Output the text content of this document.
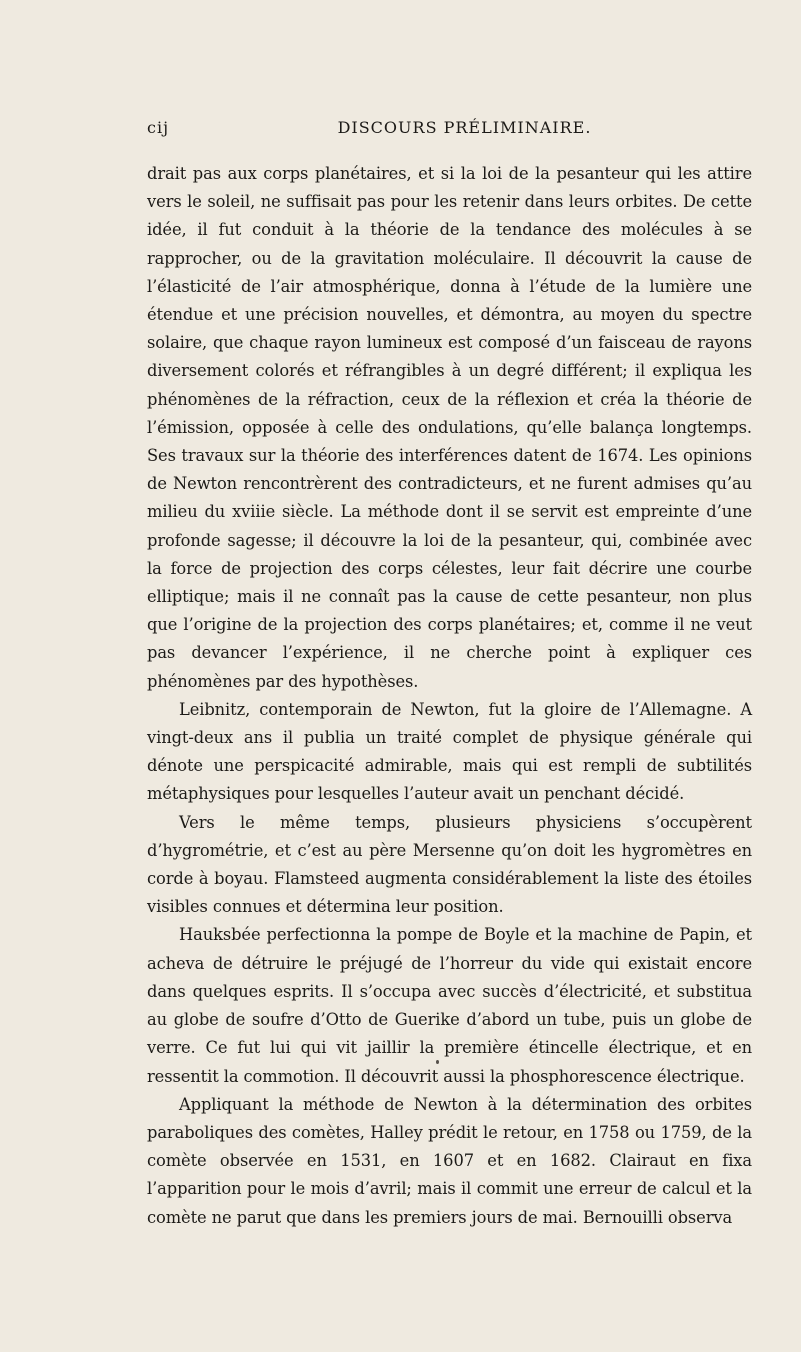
cij	DISCOURS PRÉLIMINAIRE.

drait pas aux corps planétaires, et si la loi de la pesanteur qui les attire vers le soleil, ne suffisait pas pour les retenir dans leurs orbites. De cette idée, il fut conduit à la théorie de la tendance des molécules à se rapprocher, ou de la gravitation moléculaire. Il découvrit la cause de l’élasticité de l’air atmosphérique, donna à l’étude de la lumière une étendue et une précision nouvelles, et démontra, au moyen du spectre solaire, que chaque rayon lumineux est composé d’un faisceau de rayons diversement colorés et réfrangibles à un degré différent; il expliqua les phénomènes de la réfraction, ceux de la réflexion et créa la théorie de l’émission, opposée à celle des ondulations, qu’elle balança longtemps. Ses travaux sur la théorie des interférences datent de 1674. Les opinions de Newton rencontrèrent des contradicteurs, et ne furent admises qu’au milieu du xviiie siècle. La méthode dont il se servit est empreinte d’une profonde sagesse; il découvre la loi de la pesanteur, qui, combinée avec la force de projection des corps célestes, leur fait décrire une courbe elliptique; mais il ne connaît pas la cause de cette pesanteur, non plus que l’origine de la projection des corps planétaires; et, comme il ne veut pas devancer l’expérience, il ne cherche point à expliquer ces phénomènes par des hypothèses.

Leibnitz, contemporain de Newton, fut la gloire de l’Allemagne. A vingt-deux ans il publia un traité complet de physique générale qui dénote une perspicacité admirable, mais qui est rempli de subtilités métaphysiques pour lesquelles l’auteur avait un penchant décidé.

Vers le même temps, plusieurs physiciens s’occupèrent d’hygrométrie, et c’est au père Mersenne qu’on doit les hygromètres en corde à boyau. Flamsteed augmenta considérablement la liste des étoiles visibles connues et détermina leur position.

Hauksbée perfectionna la pompe de Boyle et la machine de Papin, et acheva de détruire le préjugé de l’horreur du vide qui existait encore dans quelques esprits. Il s’occupa avec succès d’électricité, et substitua au globe de soufre d’Otto de Guerike d’abord un tube, puis un globe de verre. Ce fut lui qui vit jaillir la première étincelle électrique, et en ressentit la commotion. Il découvrit aussi la phosphorescence électrique.

Appliquant la méthode de Newton à la détermination des orbites paraboliques des comètes, Halley prédit le retour, en 1758 ou 1759, de la comète observée en 1531, en 1607 et en 1682. Clairaut en fixa l’apparition pour le mois d’avril; mais il commit une erreur de calcul et la comète ne parut que dans les premiers jours de mai. Bernouilli observa
